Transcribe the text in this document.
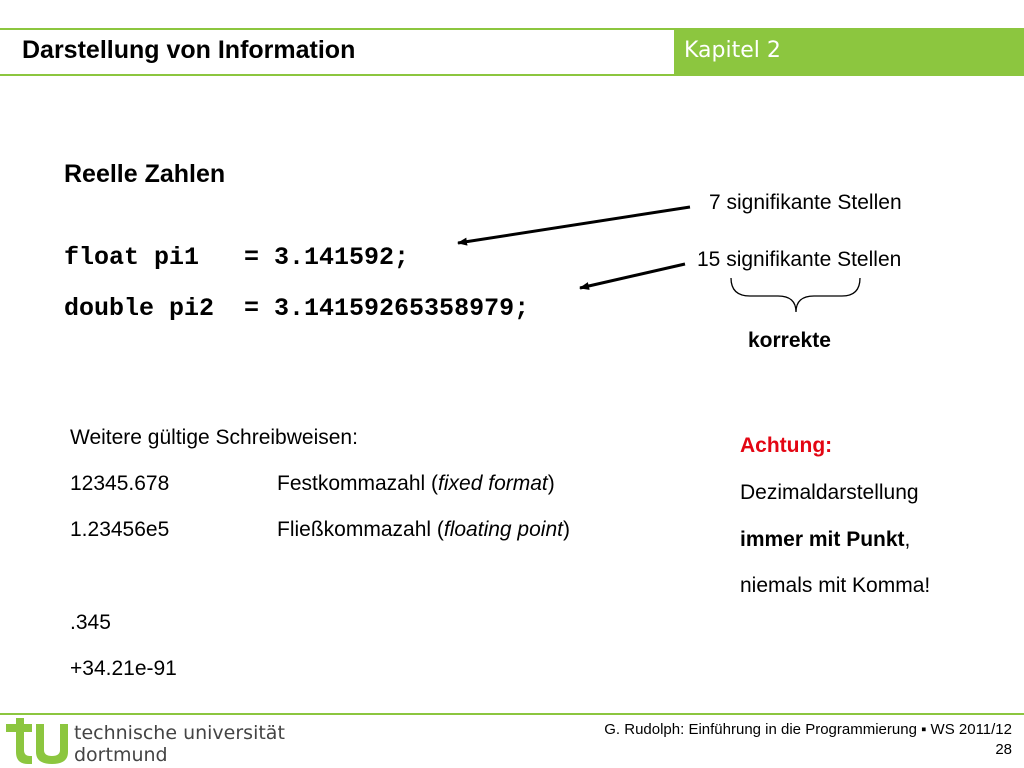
Darstellung von Information	Kapitel 2
Reelle Zahlen
float pi1   = 3.141592;
double pi2  = 3.14159265358979;
7 signifikante Stellen
15 signifikante Stellen
korrekte
Weitere gültige Schreibweisen:
12345.678	Festkommazahl (fixed format)
1.23456e5	Fließkommazahl (floating point)
.345
+34.21e-91
Achtung:
Dezimaldarstellung
immer mit Punkt,
niemals mit Komma!
technische universität
dortmund
G. Rudolph: Einführung in die Programmierung ▪ WS 2011/12
28
